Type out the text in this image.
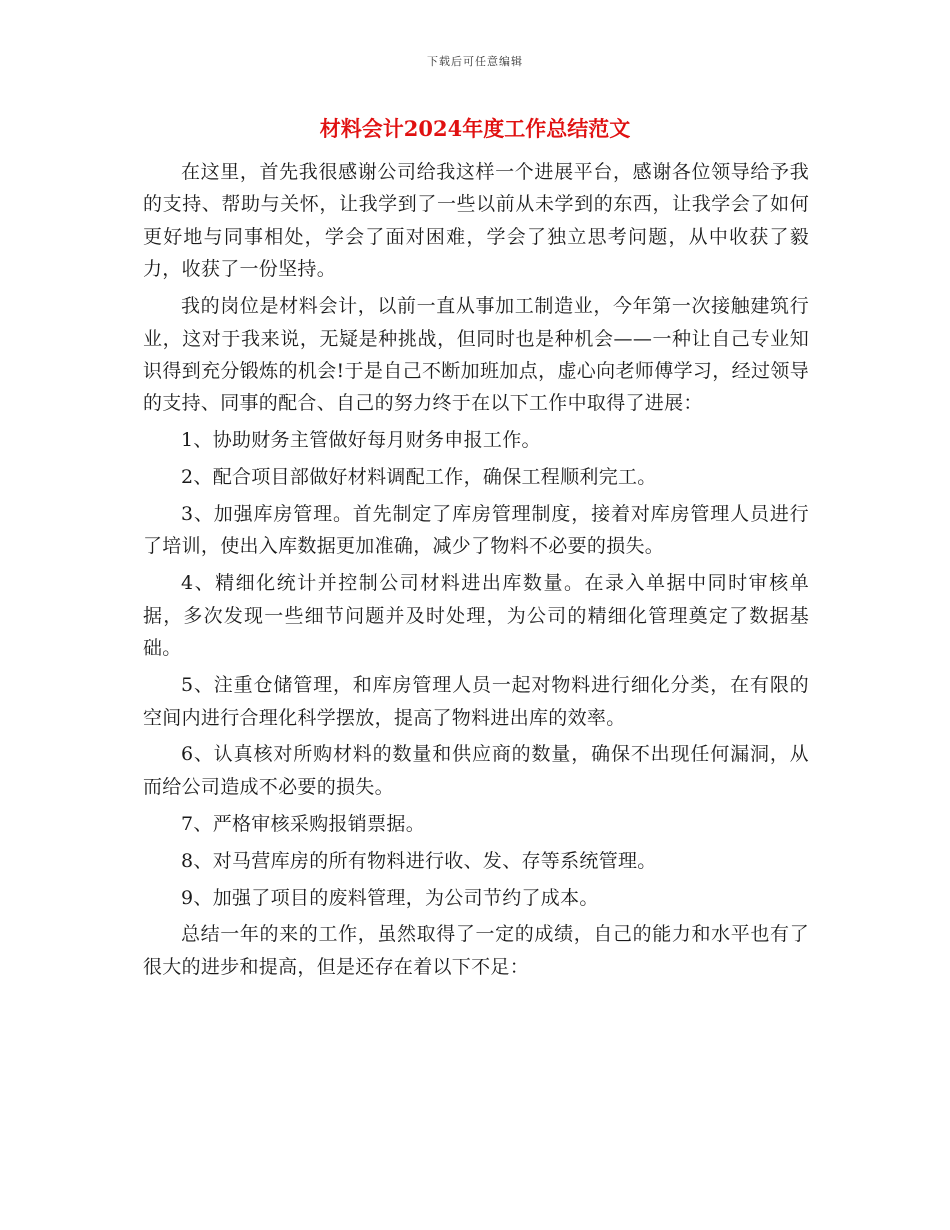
下载后可任意编辑
材料会计2024年度工作总结范文

在这里，首先我很感谢公司给我这样一个进展平台，感谢各位领导给予我的支持、帮助与关怀，让我学到了一些以前从未学到的东西，让我学会了如何更好地与同事相处，学会了面对困难，学会了独立思考问题，从中收获了毅力，收获了一份坚持。

我的岗位是材料会计，以前一直从事加工制造业，今年第一次接触建筑行业，这对于我来说，无疑是种挑战，但同时也是种机会——一种让自己专业知识得到充分锻炼的机会!于是自己不断加班加点，虚心向老师傅学习，经过领导的支持、同事的配合、自己的努力终于在以下工作中取得了进展：

1、协助财务主管做好每月财务申报工作。

2、配合项目部做好材料调配工作，确保工程顺利完工。

3、加强库房管理。首先制定了库房管理制度，接着对库房管理人员进行了培训，使出入库数据更加准确，减少了物料不必要的损失。

4、精细化统计并控制公司材料进出库数量。在录入单据中同时审核单据，多次发现一些细节问题并及时处理，为公司的精细化管理奠定了数据基础。

5、注重仓储管理，和库房管理人员一起对物料进行细化分类，在有限的空间内进行合理化科学摆放，提高了物料进出库的效率。

6、认真核对所购材料的数量和供应商的数量，确保不出现任何漏洞，从而给公司造成不必要的损失。

7、严格审核采购报销票据。

8、对马营库房的所有物料进行收、发、存等系统管理。

9、加强了项目的废料管理，为公司节约了成本。

总结一年的来的工作，虽然取得了一定的成绩，自己的能力和水平也有了很大的进步和提高，但是还存在着以下不足：
